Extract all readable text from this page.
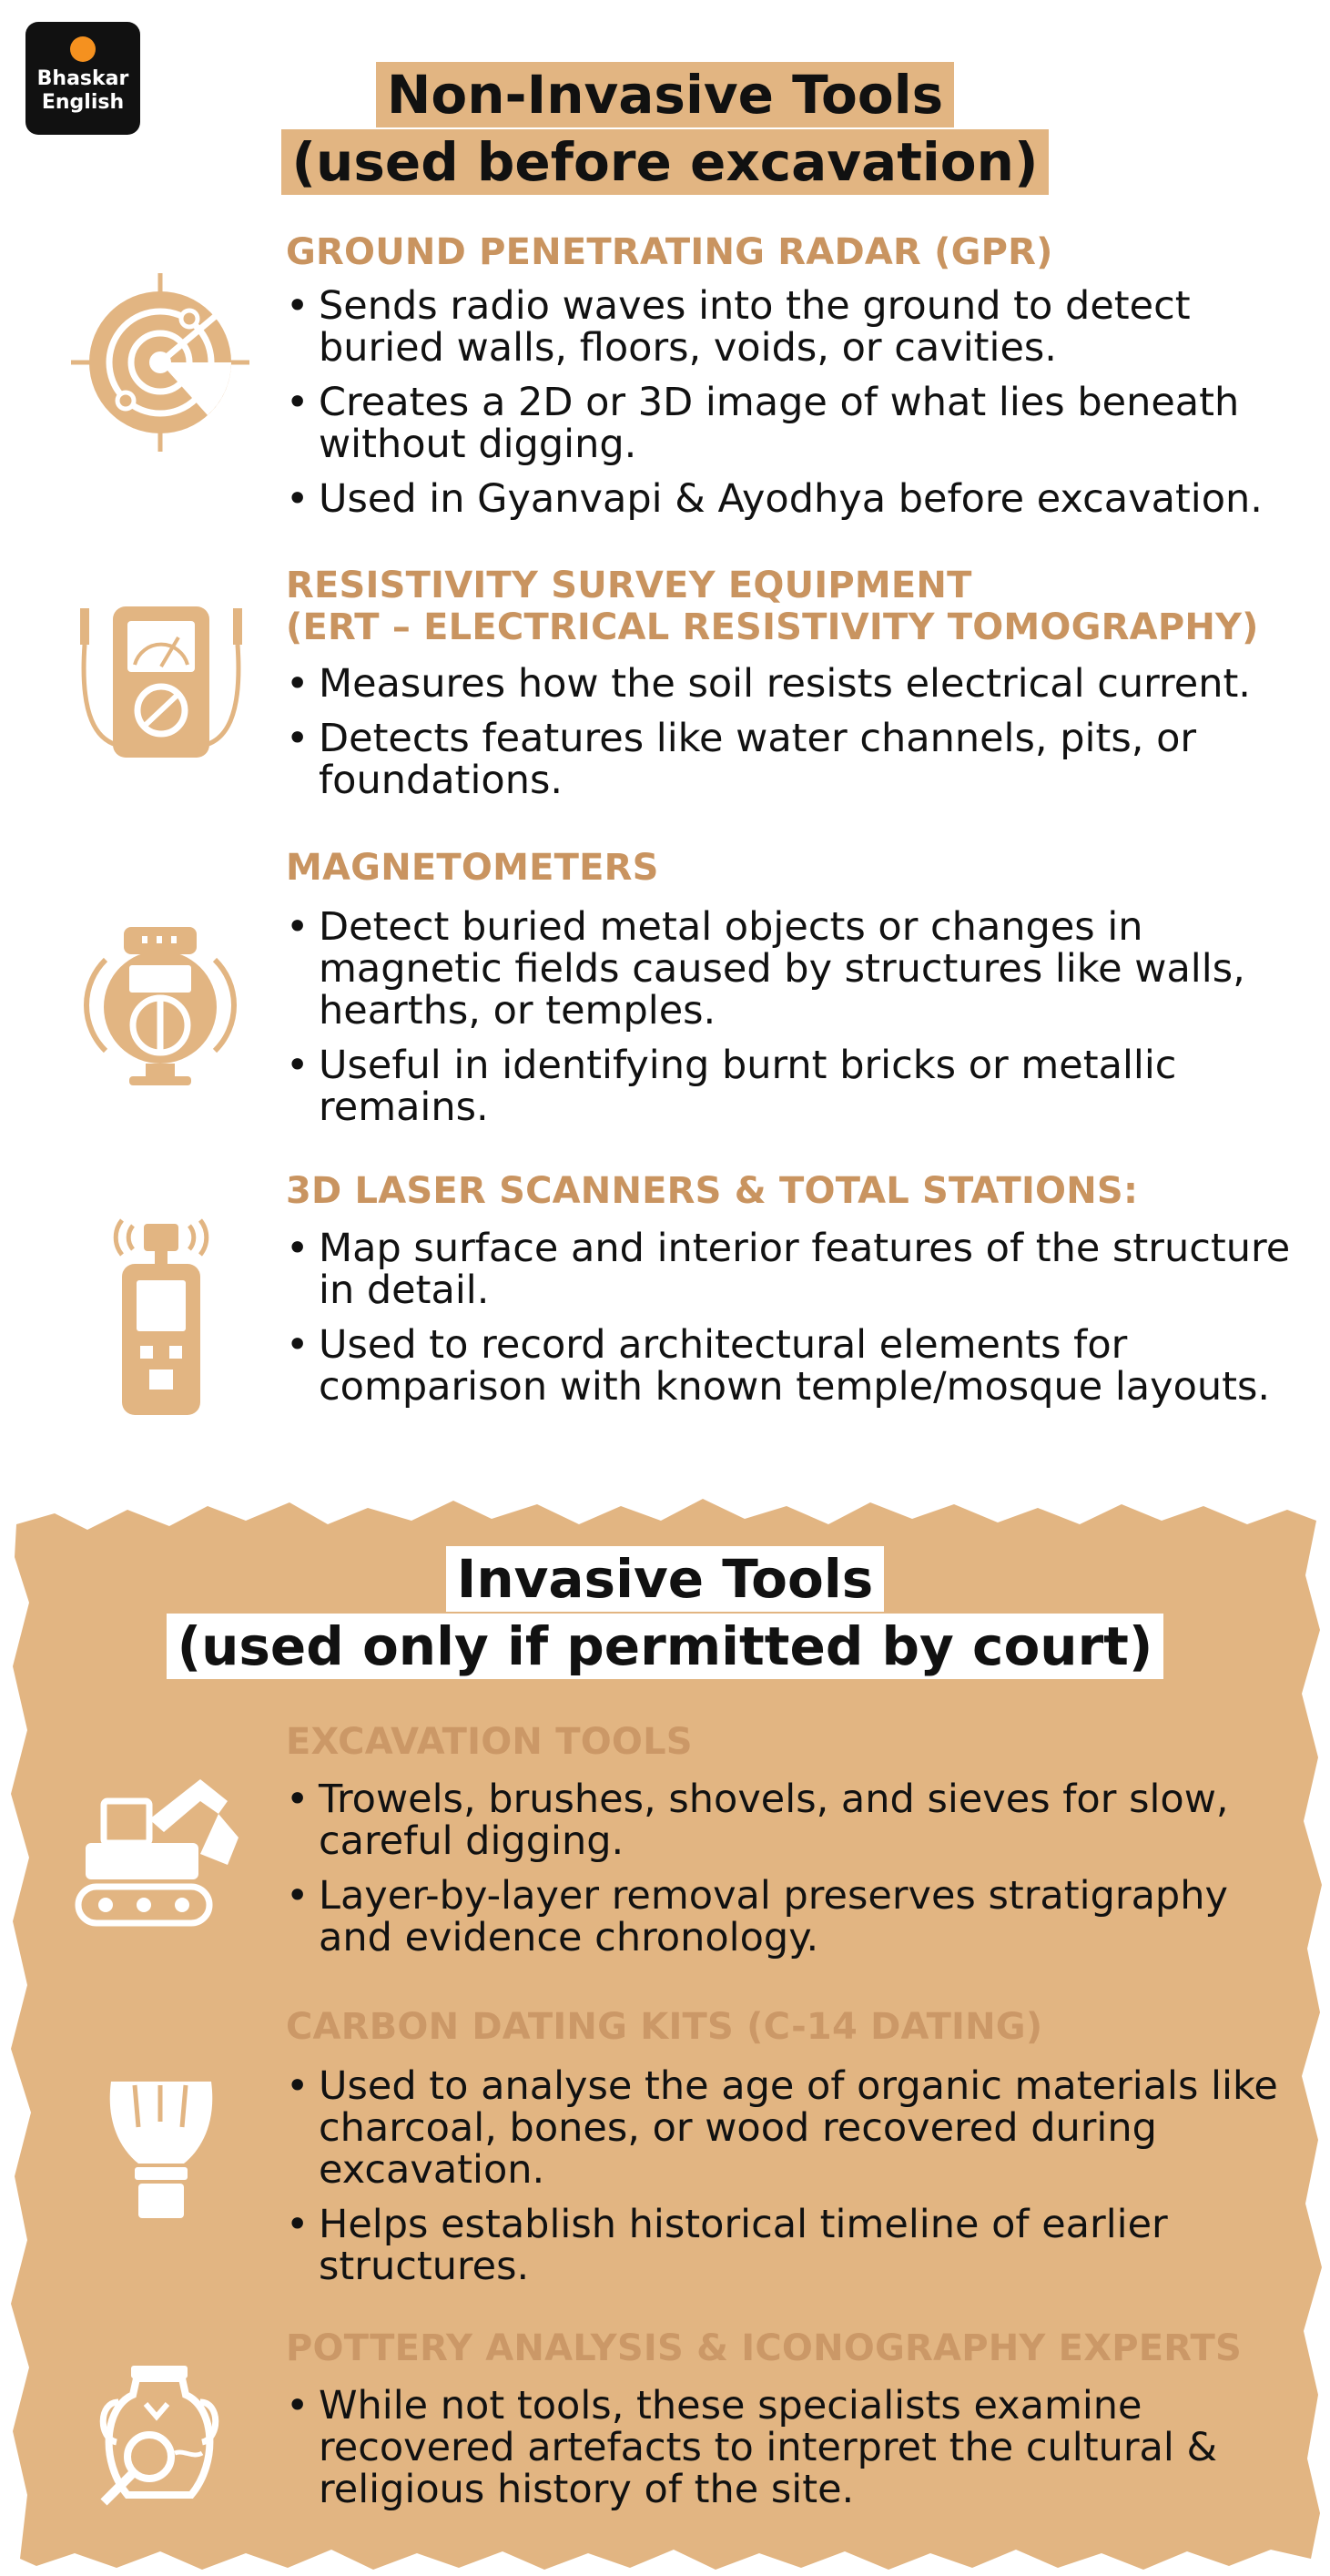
Bhaskar
English	Non-Invasive Tools
(used before excavation)
GROUND PENETRATING RADAR (GPR)
• Sends radio waves into the ground to detect buried walls, floors, voids, or cavities.
• Creates a 2D or 3D image of what lies beneath without digging.
• Used in Gyanvapi & Ayodhya before excavation.
RESISTIVITY SURVEY EQUIPMENT
(ERT – ELECTRICAL RESISTIVITY TOMOGRAPHY)
• Measures how the soil resists electrical current.
• Detects features like water channels, pits, or foundations.
MAGNETOMETERS
• Detect buried metal objects or changes in magnetic fields caused by structures like walls, hearths, or temples.
• Useful in identifying burnt bricks or metallic remains.
3D LASER SCANNERS & TOTAL STATIONS:
• Map surface and interior features of the structure in detail.
• Used to record architectural elements for comparison with known temple/mosque layouts.
Invasive Tools
(used only if permitted by court)
EXCAVATION TOOLS
• Trowels, brushes, shovels, and sieves for slow, careful digging.
• Layer-by-layer removal preserves stratigraphy and evidence chronology.
CARBON DATING KITS (C-14 DATING)
• Used to analyse the age of organic materials like charcoal, bones, or wood recovered during excavation.
• Helps establish historical timeline of earlier structures.
POTTERY ANALYSIS & ICONOGRAPHY EXPERTS
• While not tools, these specialists examine recovered artefacts to interpret the cultural & religious history of the site.
